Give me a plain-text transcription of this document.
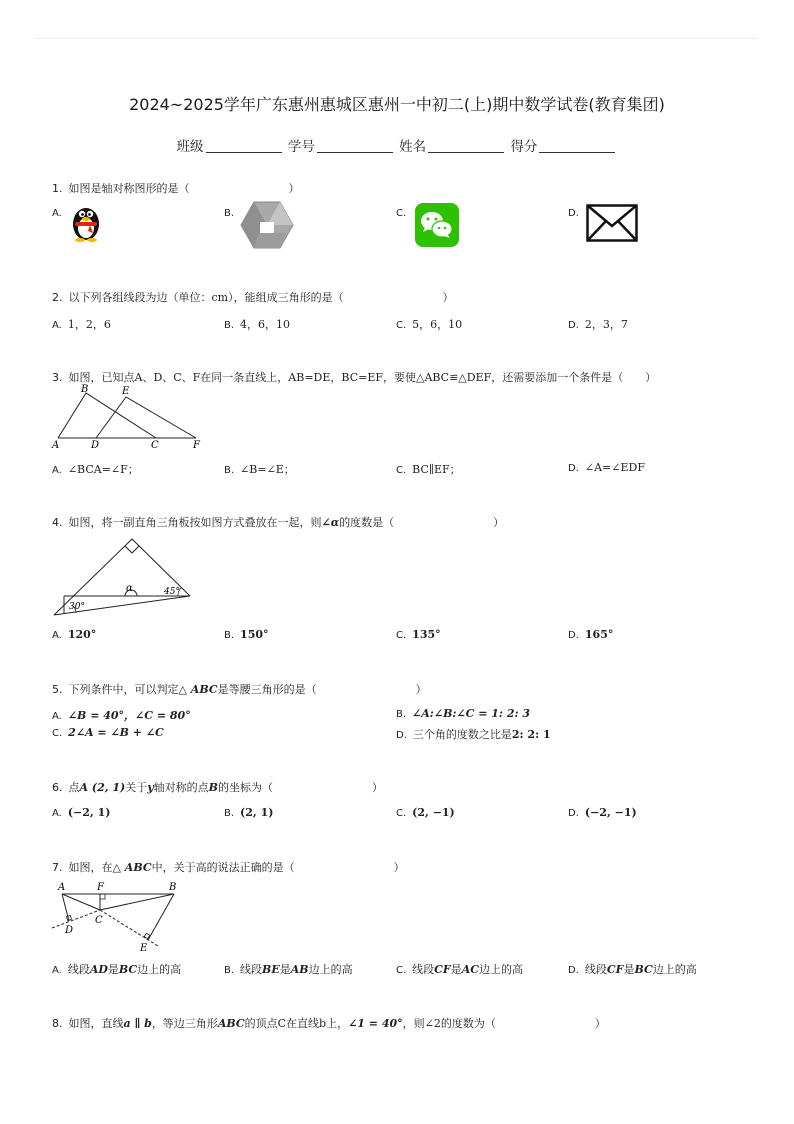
2024~2025学年广东惠州惠城区惠州一中初二(上)期中数学试卷(教育集团)
班级	学号	姓名	得分
1. 如图是轴对称图形的是（　　　　　　　　　）
A.	B.	C.	D.
2. 以下列各组线段为边（单位：cm），能组成三角形的是（　　　　　　　　　）
A. 1，2，6	B. 4，6，10	C. 5，6，10	D. 2，3，7
3. 如图，已知点A、D、C、F在同一条直线上，AB=DE，BC=EF，要使△ABC≌△DEF，还需要添加一个条件是（　　）
B	E
A	D	C	F
A. ∠BCA=∠F；	B. ∠B=∠E；	C. BC∥EF；	D. ∠A=∠EDF
4. 如图，将一副直角三角板按如图方式叠放在一起，则∠α的度数是（　　　　　　　　　）
α
30°
45°
A. 120°	B. 150°	C. 135°	D. 165°
5. 下列条件中，可以判定△ ABC是等腰三角形的是（　　　　　　　　　）
A. ∠B = 40°，∠C = 80°	B. ∠A:∠B:∠C = 1: 2: 3
C. 2∠A = ∠B + ∠C	D. 三个角的度数之比是2: 2: 1
6. 点A (2, 1)关于y轴对称的点B的坐标为（　　　　　　　　　）
A. (−2, 1)	B. (2, 1)	C. (2, −1)	D. (−2, −1)
7. 如图，在△ ABC中，关于高的说法正确的是（　　　　　　　　　）
A	F	B
C
D
E
A. 线段AD是BC边上的高	B. 线段BE是AB边上的高	C. 线段CF是AC边上的高	D. 线段CF是BC边上的高
8. 如图，直线a ∥ b，等边三角形ABC的顶点C在直线b上，∠1 = 40°，则∠2的度数为（　　　　　　　　　）
